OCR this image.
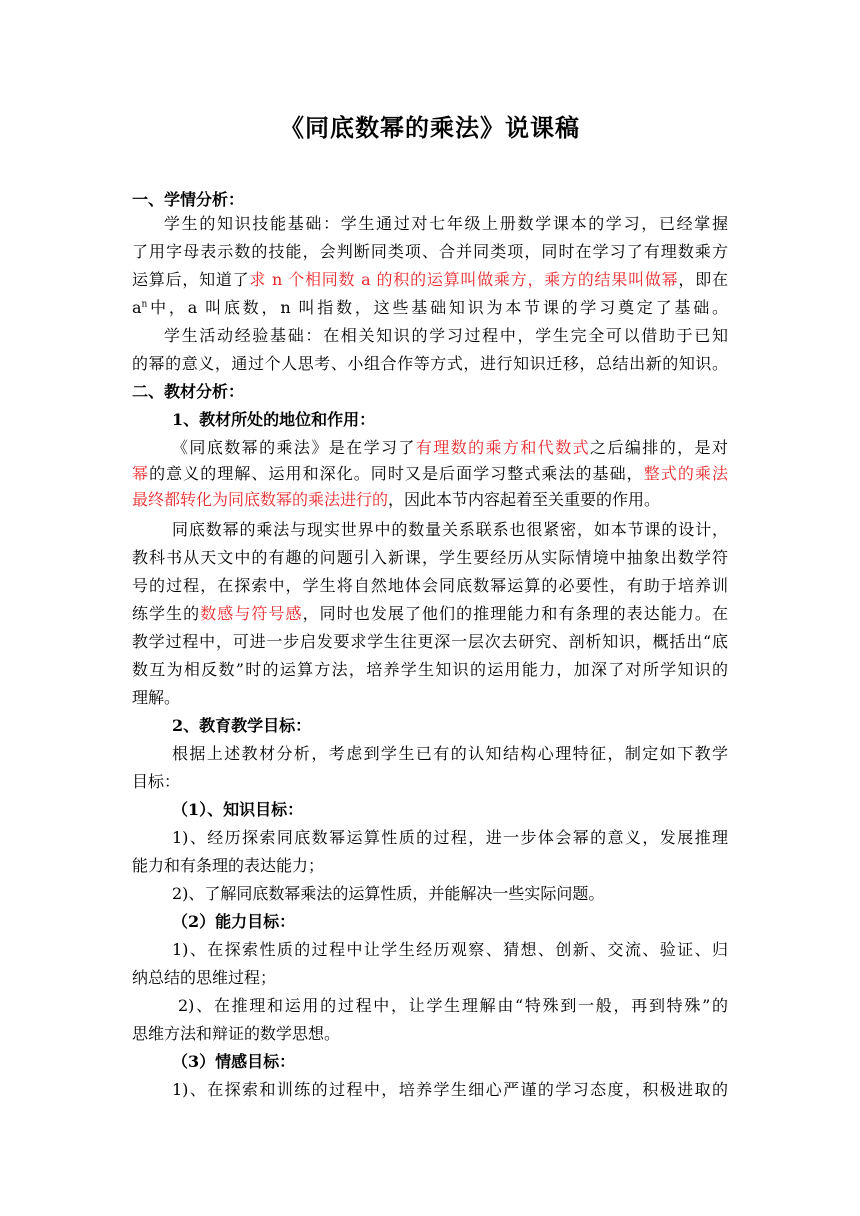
《同底数幂的乘法》说课稿
一、学情分析：
学生的知识技能基础：学生通过对七年级上册数学课本的学习，已经掌握
了用字母表示数的技能，会判断同类项、合并同类项，同时在学习了有理数乘方
运算后，知道了求 n 个相同数 a 的积的运算叫做乘方，乘方的结果叫做幂，即在
$a^n$中，a 叫底数，n 叫指数，这些基础知识为本节课的学习奠定了基础。
学生活动经验基础：在相关知识的学习过程中，学生完全可以借助于已知
的幂的意义，通过个人思考、小组合作等方式，进行知识迁移，总结出新的知识。
二、教材分析：
1、教材所处的地位和作用：
《同底数幂的乘法》是在学习了有理数的乘方和代数式之后编排的，是对
幂的意义的理解、运用和深化。同时又是后面学习整式乘法的基础，整式的乘法
最终都转化为同底数幂的乘法进行的，因此本节内容起着至关重要的作用。
同底数幂的乘法与现实世界中的数量关系联系也很紧密，如本节课的设计，
教科书从天文中的有趣的问题引入新课，学生要经历从实际情境中抽象出数学符
号的过程，在探索中，学生将自然地体会同底数幂运算的必要性，有助于培养训
练学生的数感与符号感，同时也发展了他们的推理能力和有条理的表达能力。在
教学过程中，可进一步启发要求学生往更深一层次去研究、剖析知识，概括出“底
数互为相反数”时的运算方法，培养学生知识的运用能力，加深了对所学知识的
理解。
2、教育教学目标：
根据上述教材分析，考虑到学生已有的认知结构心理特征，制定如下教学
目标：
（1）、知识目标：
1)、经历探索同底数幂运算性质的过程，进一步体会幂的意义，发展推理
能力和有条理的表达能力；
2)、了解同底数幂乘法的运算性质，并能解决一些实际问题。
（2）能力目标：
1)、在探索性质的过程中让学生经历观察、猜想、创新、交流、验证、归
纳总结的思维过程；
2)、在推理和运用的过程中，让学生理解由“特殊到一般，再到特殊”的
思维方法和辩证的数学思想。
（3）情感目标：
1)、在探索和训练的过程中，培养学生细心严谨的学习态度，积极进取的
